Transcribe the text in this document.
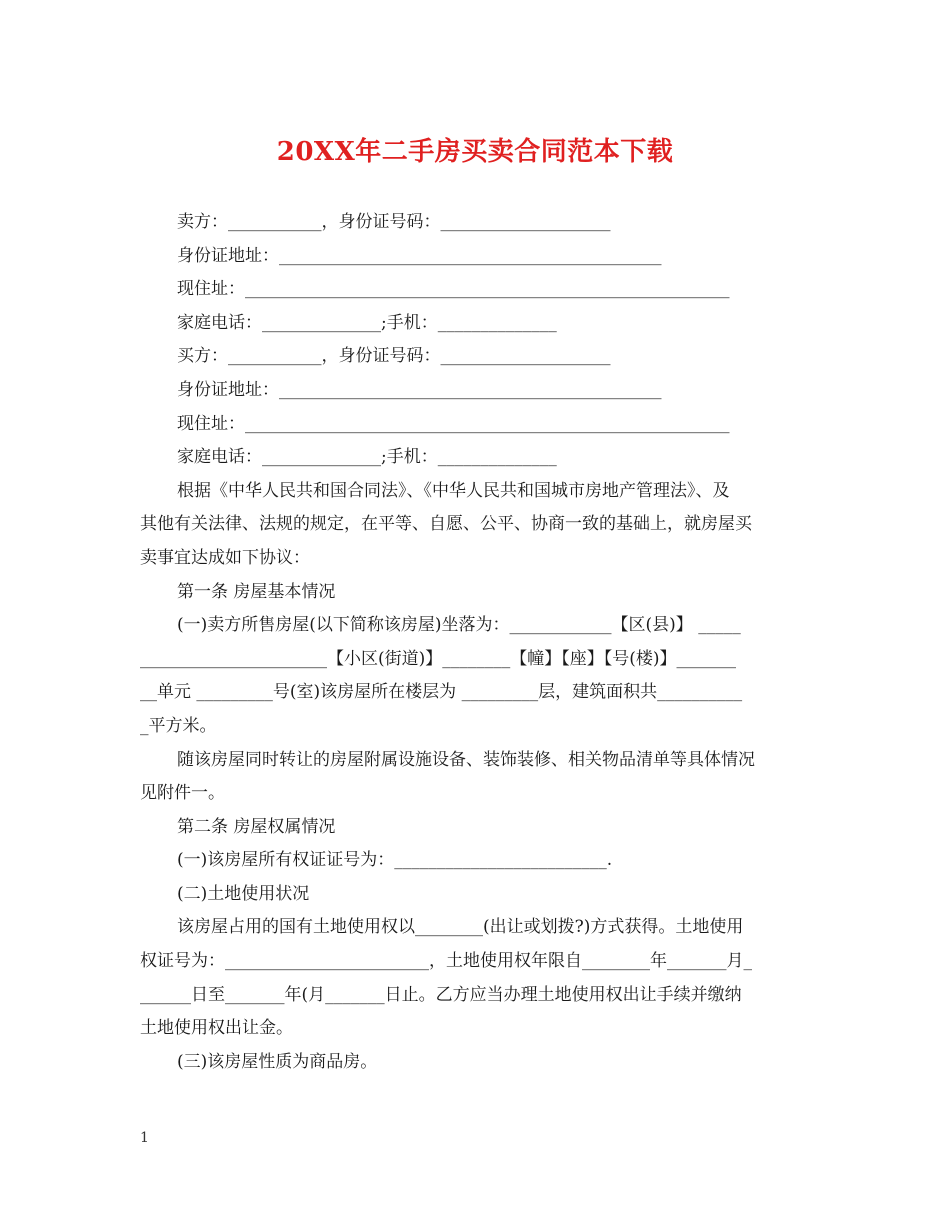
20XX年二手房买卖合同范本下载
卖方：___________，身份证号码：____________________
身份证地址：_____________________________________________
现住址：_________________________________________________________
家庭电话：______________;手机：______________
买方：___________，身份证号码：____________________
身份证地址：_____________________________________________
现住址：_________________________________________________________
家庭电话：______________;手机：______________
根据《中华人民共和国合同法》、《中华人民共和国城市房地产管理法》、及
其他有关法律、法规的规定，在平等、自愿、公平、协商一致的基础上，就房屋买
卖事宜达成如下协议：
第一条 房屋基本情况
(一)卖方所售房屋(以下简称该房屋)坐落为：____________【区(县)】 _____
______________________【小区(街道)】________【幢】【座】【号(楼)】_______
__单元 _________号(室)该房屋所在楼层为 _________层，建筑面积共__________
_平方米。
随该房屋同时转让的房屋附属设施设备、装饰装修、相关物品清单等具体情况
见附件一。
第二条 房屋权属情况
(一)该房屋所有权证证号为：_________________________.
(二)土地使用状况
该房屋占用的国有土地使用权以________(出让或划拨?)方式获得。土地使用
权证号为：________________________，土地使用权年限自________年_______月_
______日至_______年(月_______日止。乙方应当办理土地使用权出让手续并缴纳
土地使用权出让金。
(三)该房屋性质为商品房。
1
